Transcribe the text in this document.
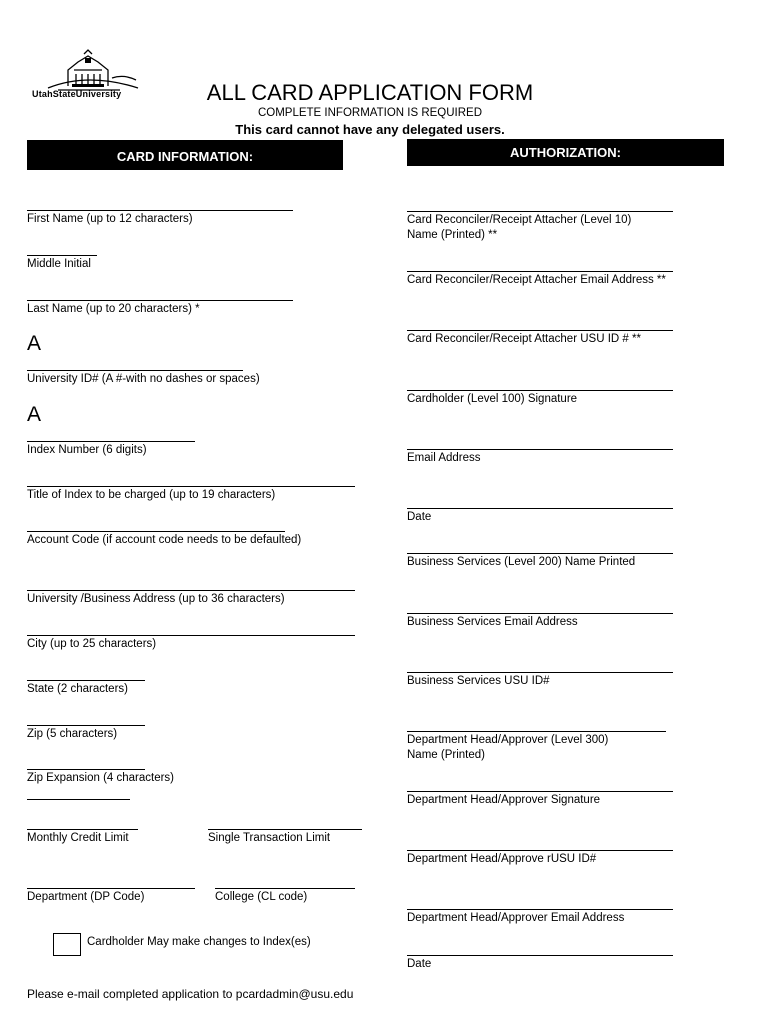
UtahStateUniversity	ALL CARD APPLICATION FORM
COMPLETE INFORMATION IS REQUIRED
This card cannot have any delegated users.
CARD INFORMATION:	AUTHORIZATION:
First Name (up to 12 characters)
Middle Initial
Last Name (up to 20 characters) *
A
University ID# (A #-with no dashes or spaces)
A
Index Number (6 digits)
Title of Index to be charged (up to 19 characters)
Account Code (if account code needs to be defaulted)
University /Business Address (up to 36 characters)
City (up to 25 characters)
State (2 characters)
Zip (5 characters)
Zip Expansion (4 characters)
Monthly Credit Limit	Single Transaction Limit
Department (DP Code)	College (CL code)
Cardholder May make changes to Index(es)
Card Reconciler/Receipt Attacher (Level 10)
Name (Printed) **
Card Reconciler/Receipt Attacher Email Address **
Card Reconciler/Receipt Attacher USU ID # **
Cardholder (Level 100) Signature
Email Address
Date
Business Services (Level 200) Name Printed
Business Services Email Address
Business Services USU ID#
Department Head/Approver (Level 300)
Name (Printed)
Department Head/Approver Signature
Department Head/Approve rUSU ID#
Department Head/Approver Email Address
Date
Please e-mail completed application to pcardadmin@usu.edu
